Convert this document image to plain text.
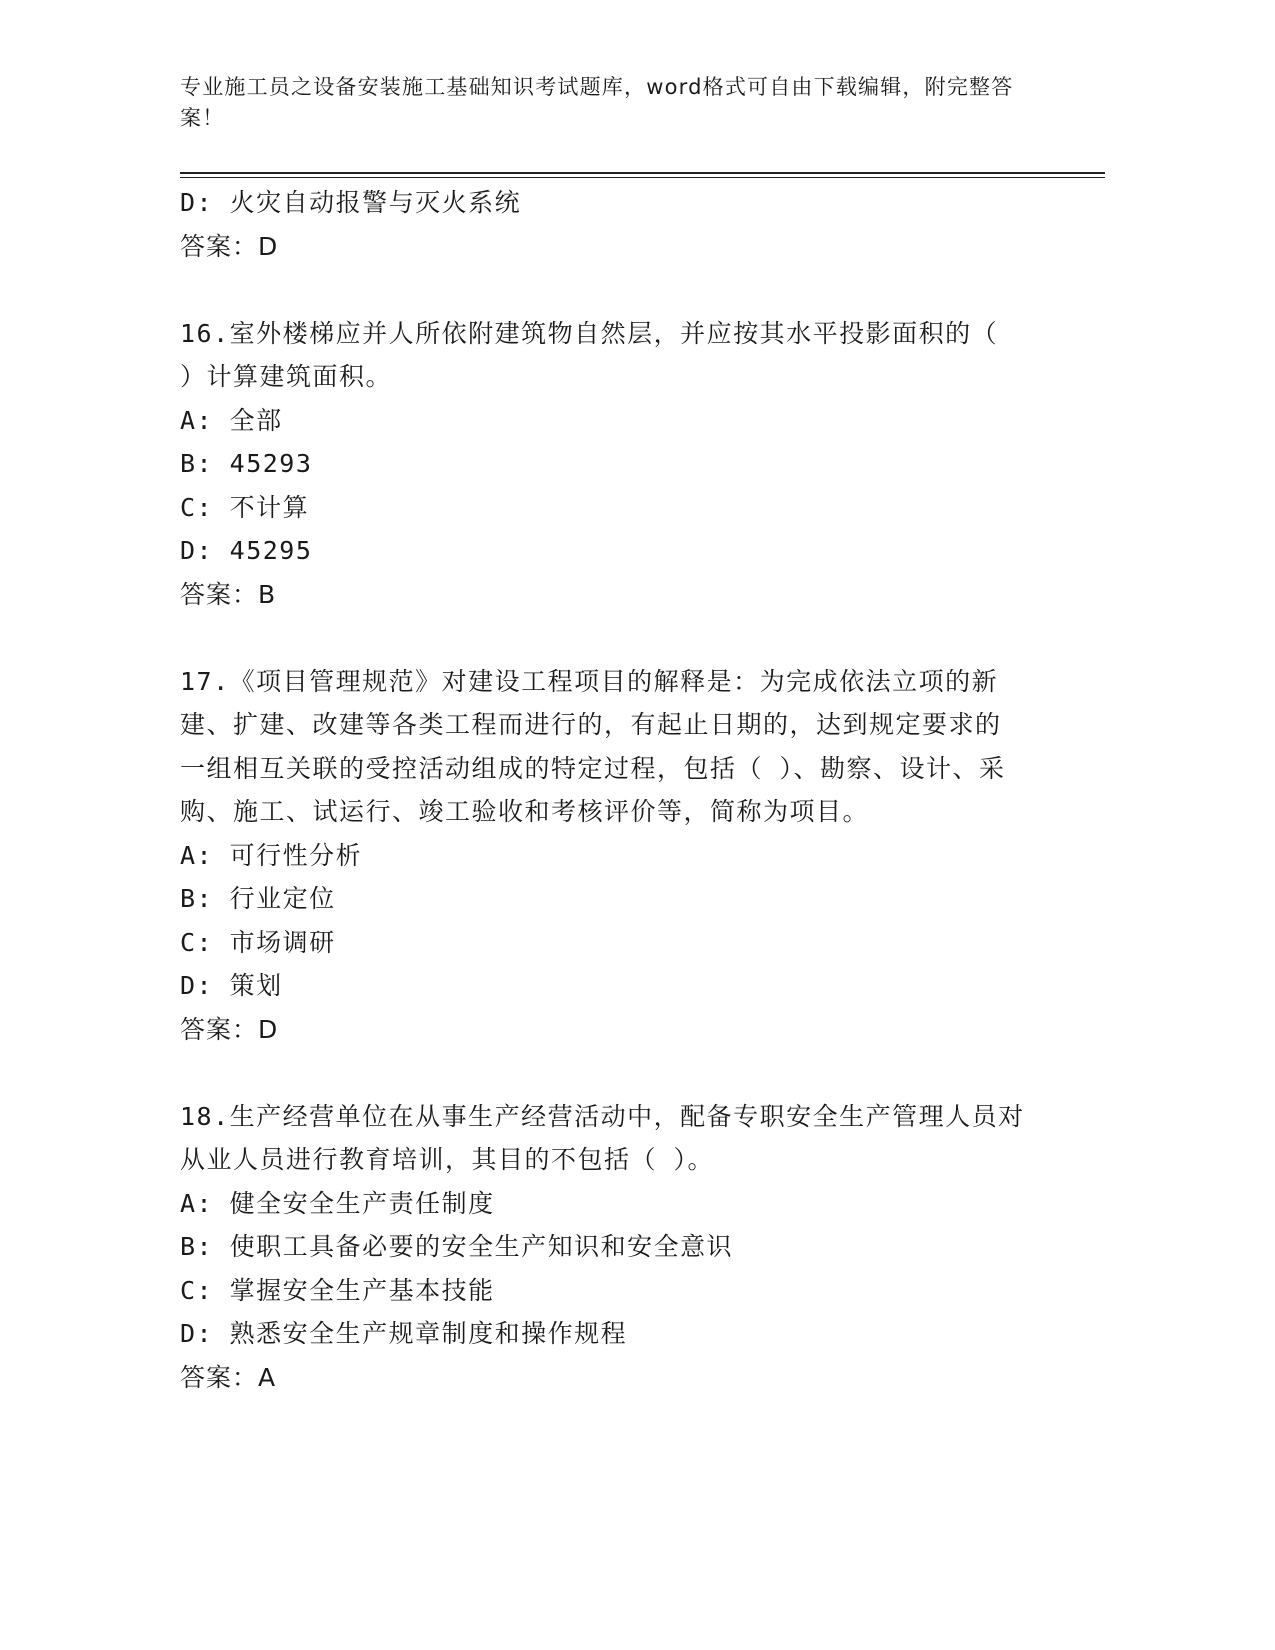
专业施工员之设备安装施工基础知识考试题库，word格式可自由下载编辑，附完整答案！
D: 火灾自动报警与灭火系统
答案：D
16.室外楼梯应并人所依附建筑物自然层，并应按其水平投影面积的（ ）计算建筑面积。
A: 全部
B: 45293
C: 不计算
D: 45295
答案：B
17.《项目管理规范》对建设工程项目的解释是：为完成依法立项的新建、扩建、改建等各类工程而进行的，有起止日期的，达到规定要求的一组相互关联的受控活动组成的特定过程，包括（ ）、勘察、设计、采购、施工、试运行、竣工验收和考核评价等，简称为项目。
A: 可行性分析
B: 行业定位
C: 市场调研
D: 策划
答案：D
18.生产经营单位在从事生产经营活动中，配备专职安全生产管理人员对从业人员进行教育培训，其目的不包括（ ）。
A: 健全安全生产责任制度
B: 使职工具备必要的安全生产知识和安全意识
C: 掌握安全生产基本技能
D: 熟悉安全生产规章制度和操作规程
答案：A
